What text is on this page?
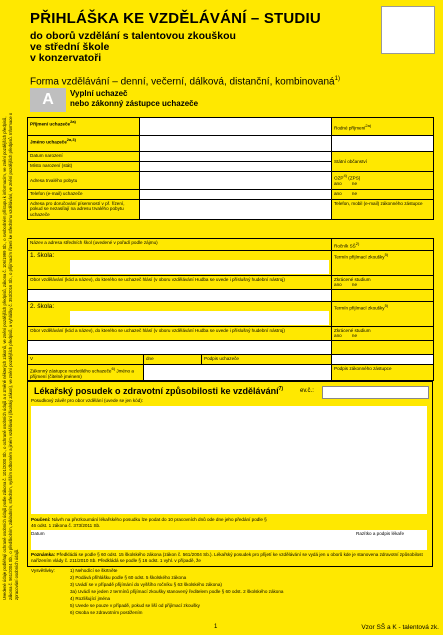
Uvedené údaje podléhají ochraně osobních údajů podle zákona č. 101/2000 Sb., o ochraně osobních údajů a o změně některých zákonů, ve znění pozdějších předpisů, zákona č. 106/1999 Sb., o svobodném přístupu k informacím, ve znění pozdějších předpisů, zákona č. 561/2004 Sb., o předškolním, základním, středním, vyšším odborném a jiném vzdělávání (školský zákon), ve znění pozdějších předpisů, a vyhlášky č. 353/2016 Sb., o přijímacím řízení ke střednímu vzdělávání, ve znění pozdějších předpisů. Informace o zpracování osobních údajů.
PŘIHLÁŠKA KE VZDĚLÁVÁNÍ – STUDIU
do oborů vzdělání s talentovou zkouškou
ve střední škole
v konzervatoři
Forma vzdělávání – denní, večerní, dálková, distanční, kombinovaná$^{1)}$
A	Vyplní uchazeč
nebo zákonný zástupce uchazeče
Příjmení uchazeče$^{2a)}$		Rodné příjmení$^{2a)}$
Jméno uchazeče$^{2a,3)}$		
Datum narození		Státní občanství
Místo narození (stát)		
Adresa trvalého pobytu		OZP$^{4)}$ (ZPS)
ano ne
Telefon (e-mail) uchazeče		ano ne
Adresa pro doručování písemností v př. řízení, pokud se nezasílají na adresu trvalého pobytu uchazeče		Telefon, mobil (e-mail) zákonného zástupce
Název a adresa středních škol (uvedené v pořadí podle zájmu)			Ročník SŠ$^{2)}$
1. škola:			Termín přijímací zkoušky$^{5)}$
Obor vzdělávání (kód a název), do kterého se uchazeč hlásí (v oboru vzdělávání Hudba se uvede i příslušný hudební nástroj)			Zkrácené studium
ano ne

2. škola:			Termín přijímací zkoušky$^{5)}$
Obor vzdělávání (kód a název), do kterého se uchazeč hlásí (v oboru vzdělávání Hudba se uvede i příslušný hudební nástroj)			Zkrácené studium
ano ne

V	dne	Podpis uchazeče	
Zákonný zástupce nezletilého uchazeče$^{6)}$ Jméno a příjmení (čitelně jménem)			Podpis zákonného zástupce
Lékařský posudek o zdravotní způsobilosti ke vzdělávání$^{7)}$	ev.č.:
Posudkový závěr pro obor vzdělání (uvede se jen kód):
Poučení: Návrh na přezkoumání lékařského posudku lze podat do 10 pracovních dnů ode dne jeho předání podle § 46 odst. 1 zákona č. 373/2011 Sb.
Datum	Razítko a podpis lékaře
Poznámka: Předkládá se podle § 60 odst. 15 školského zákona (zákon č. 561/2004 Sb.). Lékařský posudek pro přijetí ke vzdělávání se vydá jen u oborů kde je stanovena zdravotní způsobilost nařízením vlády č. 211/2010 Sb. Předkládá se podle § 16 odst. 1 vyhl. v případě, že
Vysvětlivky:	1) Nehodící se škrtněte
2) Podává přihlášku podle § 60 odst. 5 školského zákona
3) Uvádí se v případě přijímání do vyššího ročníku § 63 školského zákona)
3a) Uvádí se jeden z termínů přijímací zkoušky stanovený ředitelem podle § 60 odst. 2 školského zákona
4) Rozlišující jména
5) Uvede se pouze v případě, pokud se liší od přijímací zkoušky
6) Osoba se zdravotním postižením
1	Vzor SŠ a K - talentová zk.
